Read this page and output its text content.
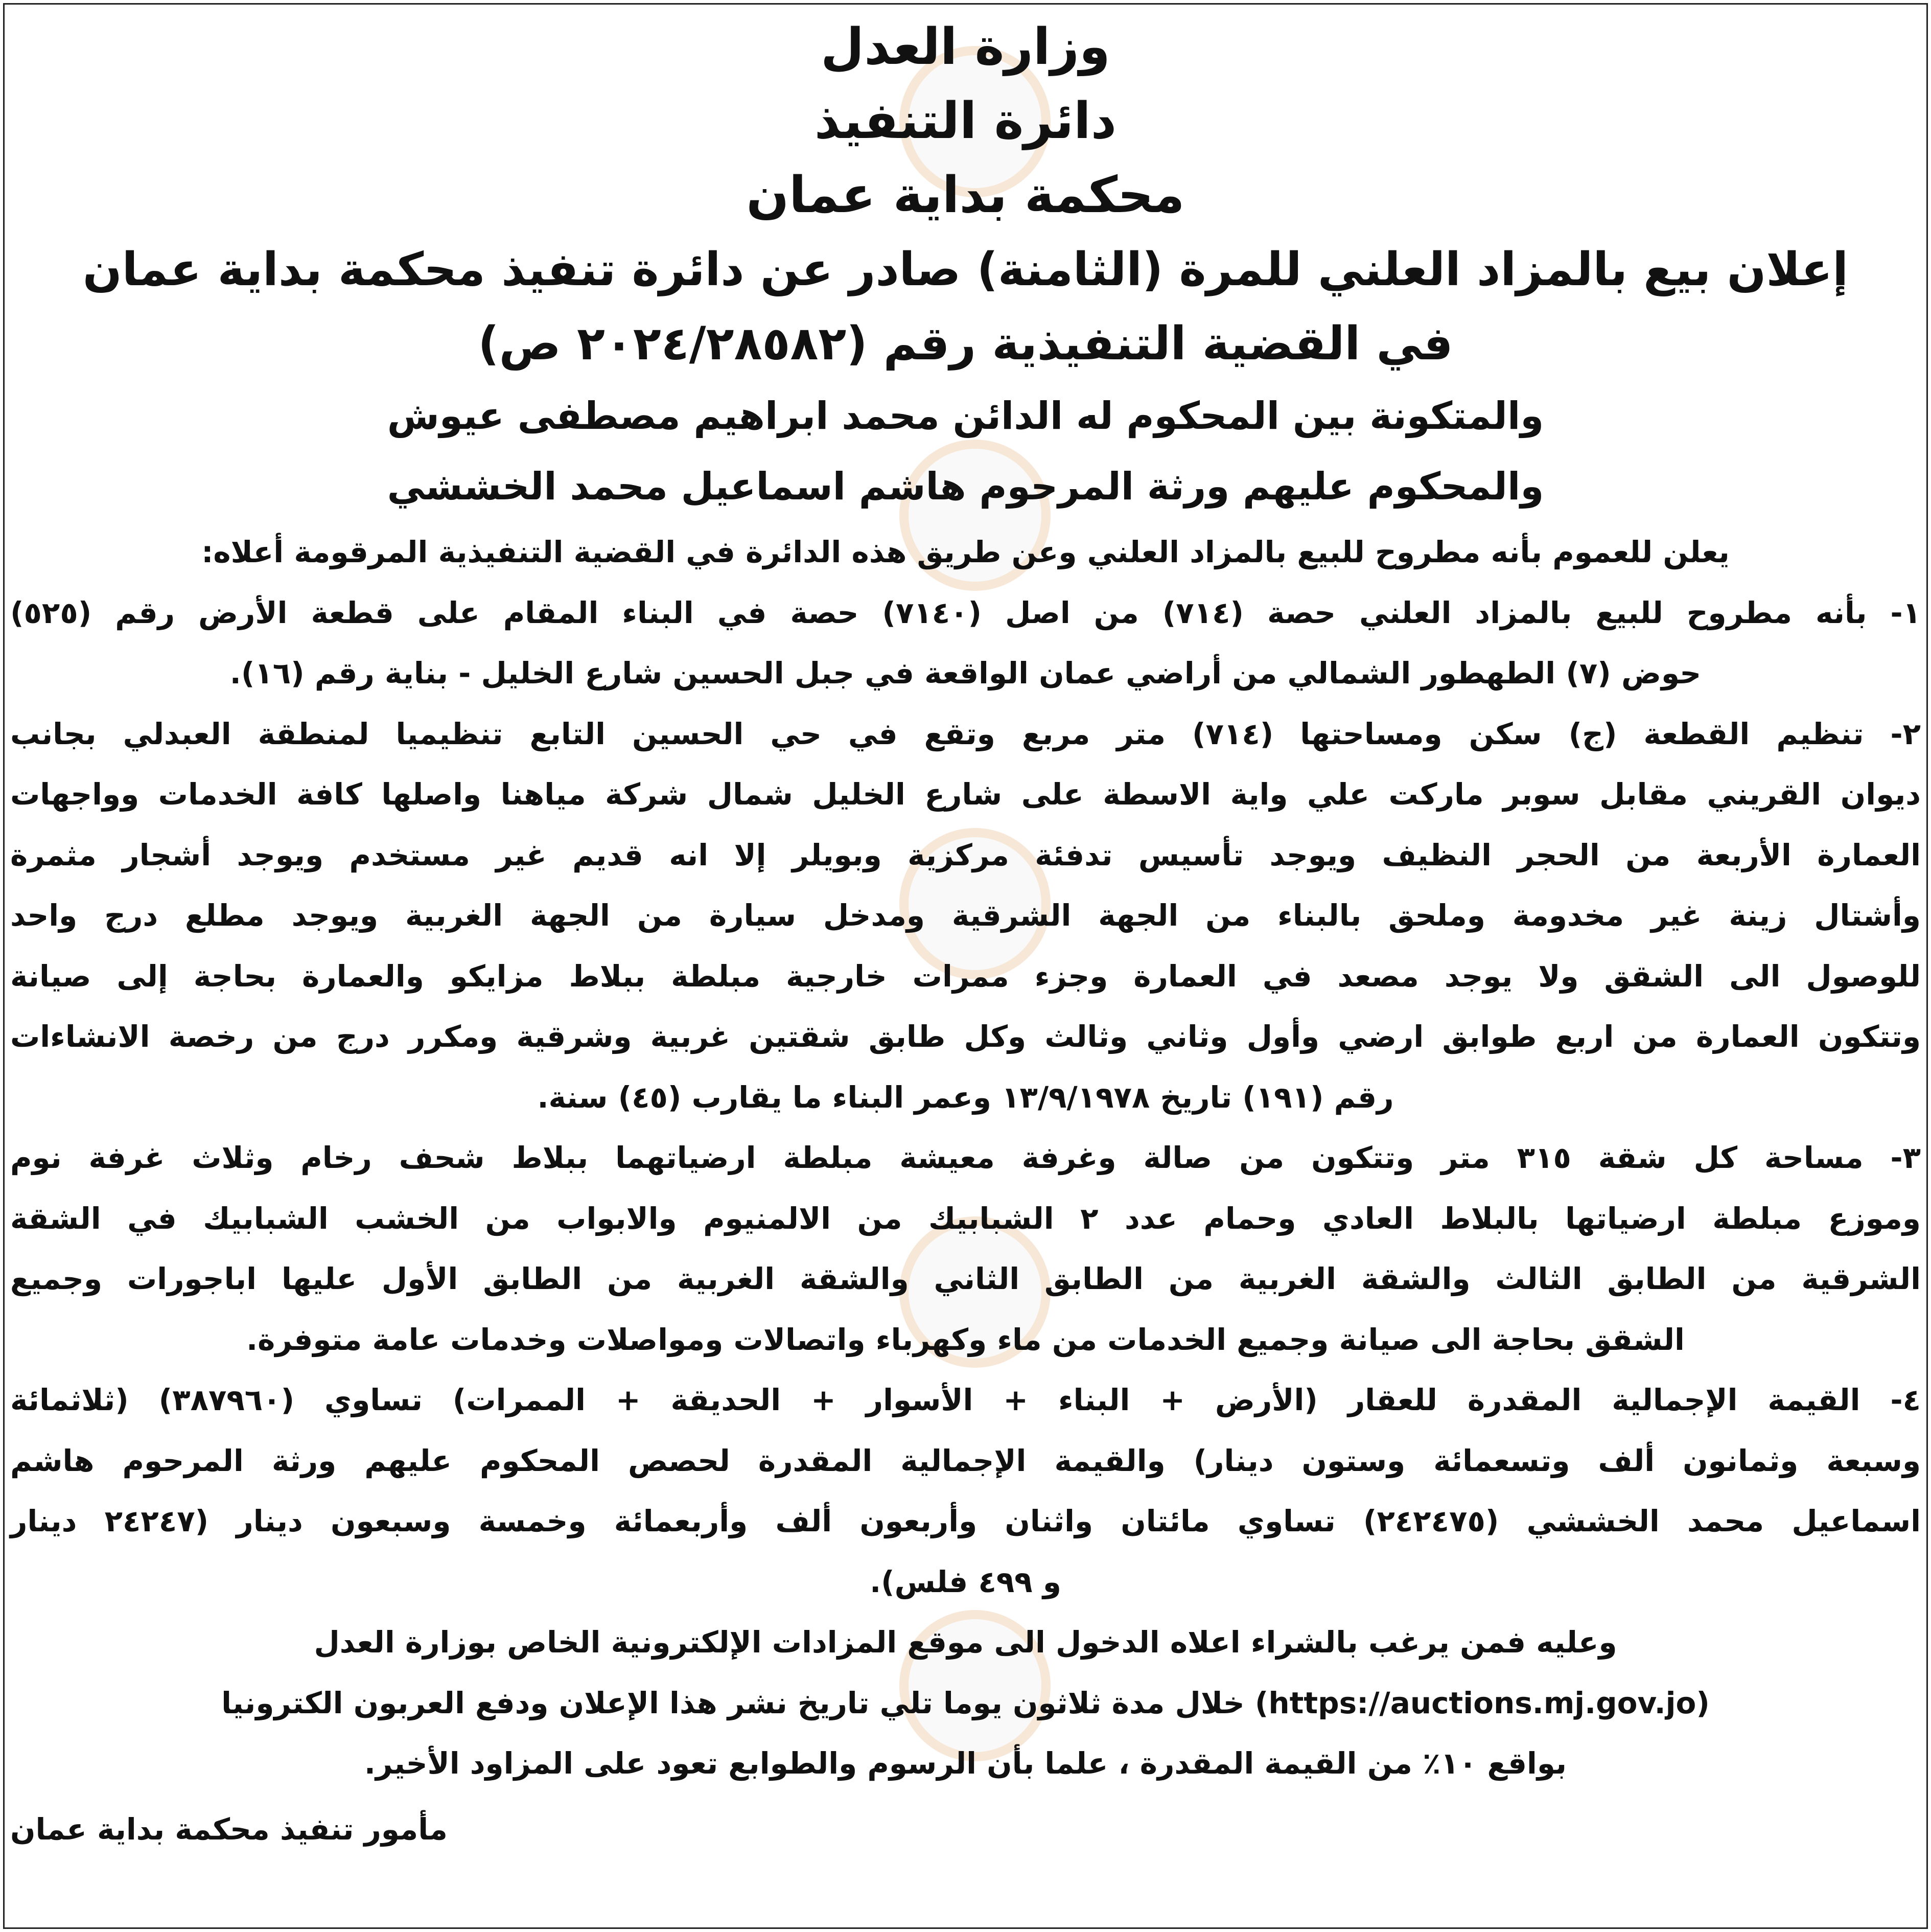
وزارة العدل
دائرة التنفيذ
محكمة بداية عمان
إعلان بيع بالمزاد العلني للمرة (الثامنة) صادر عن دائرة تنفيذ محكمة بداية عمان
في القضية التنفيذية رقم (٢٠٢٤/٢٨٥٨٢ ص)
والمتكونة بين المحكوم له الدائن محمد ابراهيم مصطفى عيوش
والمحكوم عليهم ورثة المرحوم هاشم اسماعيل محمد الخششي
يعلن للعموم بأنه مطروح للبيع بالمزاد العلني وعن طريق هذه الدائرة في القضية التنفيذية المرقومة أعلاه:
١- بأنه مطروح للبيع بالمزاد العلني حصة (٧١٤) من اصل (٧١٤٠) حصة في البناء المقام على قطعة الأرض رقم (٥٢٥)
حوض (٧) الطهطور الشمالي من أراضي عمان الواقعة في جبل الحسين شارع الخليل - بناية رقم (١٦).
٢- تنظيم القطعة (ج) سكن ومساحتها (٧١٤) متر مربع وتقع في حي الحسين التابع تنظيميا لمنطقة العبدلي بجانب
ديوان القريني مقابل سوبر ماركت علي واية الاسطة على شارع الخليل شمال شركة مياهنا واصلها كافة الخدمات وواجهات
العمارة الأربعة من الحجر النظيف ويوجد تأسيس تدفئة مركزية وبويلر إلا انه قديم غير مستخدم ويوجد أشجار مثمرة
وأشتال زينة غير مخدومة وملحق بالبناء من الجهة الشرقية ومدخل سيارة من الجهة الغربية ويوجد مطلع درج واحد
للوصول الى الشقق ولا يوجد مصعد في العمارة وجزء ممرات خارجية مبلطة ببلاط مزايكو والعمارة بحاجة إلى صيانة
وتتكون العمارة من اربع طوابق ارضي وأول وثاني وثالث وكل طابق شقتين غربية وشرقية ومكرر درج من رخصة الانشاءات
رقم (١٩١) تاريخ ١٣/٩/١٩٧٨ وعمر البناء ما يقارب (٤٥) سنة.
٣- مساحة كل شقة ٣١٥ متر وتتكون من صالة وغرفة معيشة مبلطة ارضياتهما ببلاط شحف رخام وثلاث غرفة نوم
وموزع مبلطة ارضياتها بالبلاط العادي وحمام عدد ٢ الشبابيك من الالمنيوم والابواب من الخشب الشبابيك في الشقة
الشرقية من الطابق الثالث والشقة الغربية من الطابق الثاني والشقة الغربية من الطابق الأول عليها اباجورات وجميع
الشقق بحاجة الى صيانة وجميع الخدمات من ماء وكهرباء واتصالات ومواصلات وخدمات عامة متوفرة.
٤- القيمة الإجمالية المقدرة للعقار (الأرض + البناء + الأسوار + الحديقة + الممرات) تساوي (٣٨٧٩٦٠) (ثلاثمائة
وسبعة وثمانون ألف وتسعمائة وستون دينار) والقيمة الإجمالية المقدرة لحصص المحكوم عليهم ورثة المرحوم هاشم
اسماعيل محمد الخششي (٢٤٢٤٧٥) تساوي مائتان واثنان وأربعون ألف وأربعمائة وخمسة وسبعون دينار (٢٤٢٤٧ دينار
و ٤٩٩ فلس).
وعليه فمن يرغب بالشراء اعلاه الدخول الى موقع المزادات الإلكترونية الخاص بوزارة العدل
(https://auctions.mj.gov.jo) خلال مدة ثلاثون يوما تلي تاريخ نشر هذا الإعلان ودفع العربون الكترونيا
بواقع ١٠٪ من القيمة المقدرة ، علما بأن الرسوم والطوابع تعود على المزاود الأخير.
مأمور تنفيذ محكمة بداية عمان
